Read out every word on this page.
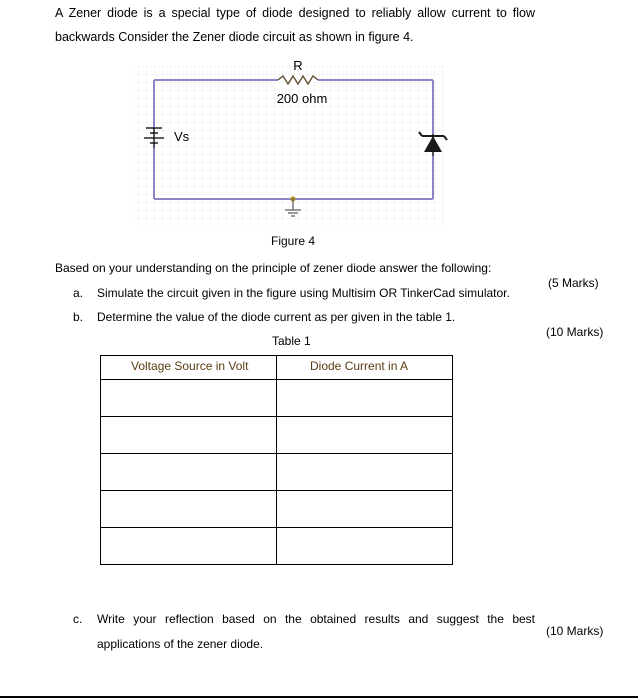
A Zener diode is a special type of diode designed to reliably allow current to flow
backwards Consider the Zener diode circuit as shown in figure 4.
R
200 ohm
Vs
Figure 4
Based on your understanding on the principle of zener diode answer the following:
a. Simulate the circuit given in the figure using Multisim OR TinkerCad simulator.
(5 Marks)
b. Determine the value of the diode current as per given in the table 1.
(10 Marks)
Table 1
Voltage Source in Volt	Diode Current in A

c. Write your reflection based on the obtained results and suggest the best
applications of the zener diode.
(10 Marks)
